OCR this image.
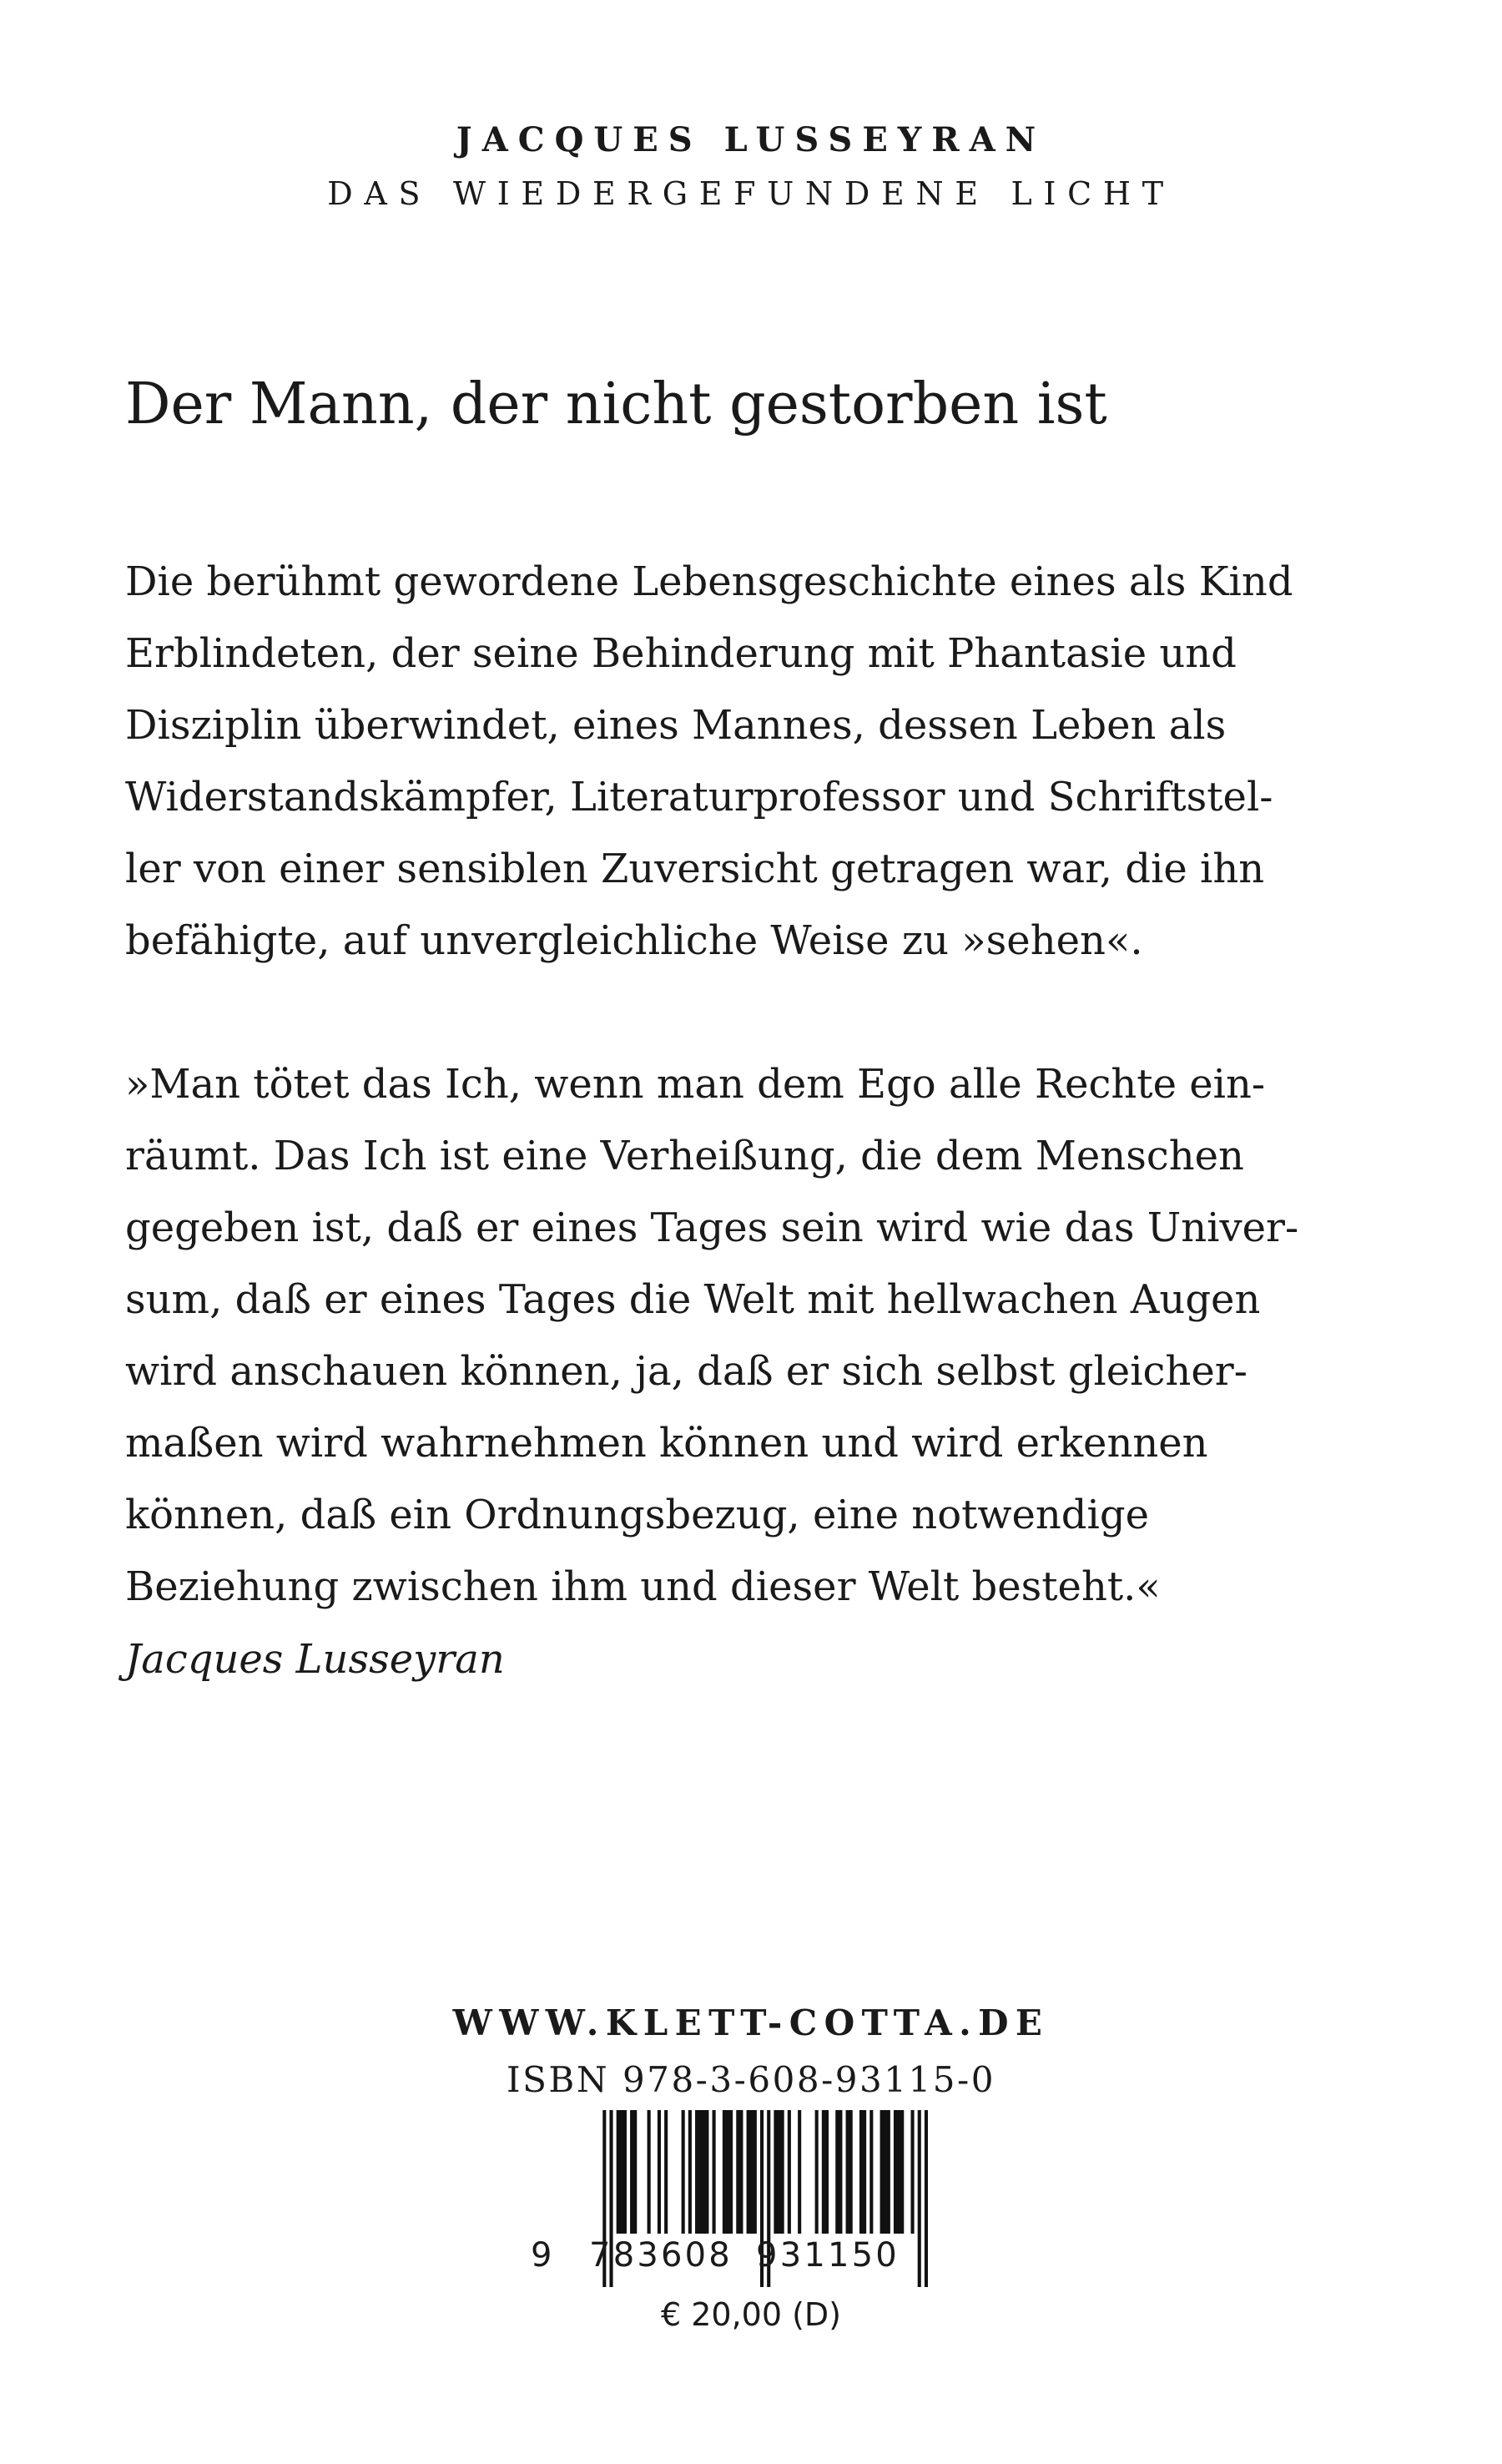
JACQUES LUSSEYRAN
DAS WIEDERGEFUNDENE LICHT
Der Mann, der nicht gestorben ist

Die berühmt gewordene Lebensgeschichte eines als Kind
Erblindeten, der seine Behinderung mit Phantasie und
Disziplin überwindet, eines Mannes, dessen Leben als
Widerstandskämpfer, Literaturprofessor und Schriftstel-
ler von einer sensiblen Zuversicht getragen war, die ihn
befähigte, auf unvergleichliche Weise zu »sehen«.

»Man tötet das Ich, wenn man dem Ego alle Rechte ein-
räumt. Das Ich ist eine Verheißung, die dem Menschen
gegeben ist, daß er eines Tages sein wird wie das Univer-
sum, daß er eines Tages die Welt mit hellwachen Augen
wird anschauen können, ja, daß er sich selbst gleicher-
maßen wird wahrnehmen können und wird erkennen
können, daß ein Ordnungsbezug, eine notwendige
Beziehung zwischen ihm und dieser Welt besteht.«

Jacques Lusseyran
WWW.KLETT-COTTA.DE
ISBN 978-3-608-93115-0
9 783608 931150
€ 20,00 (D)
